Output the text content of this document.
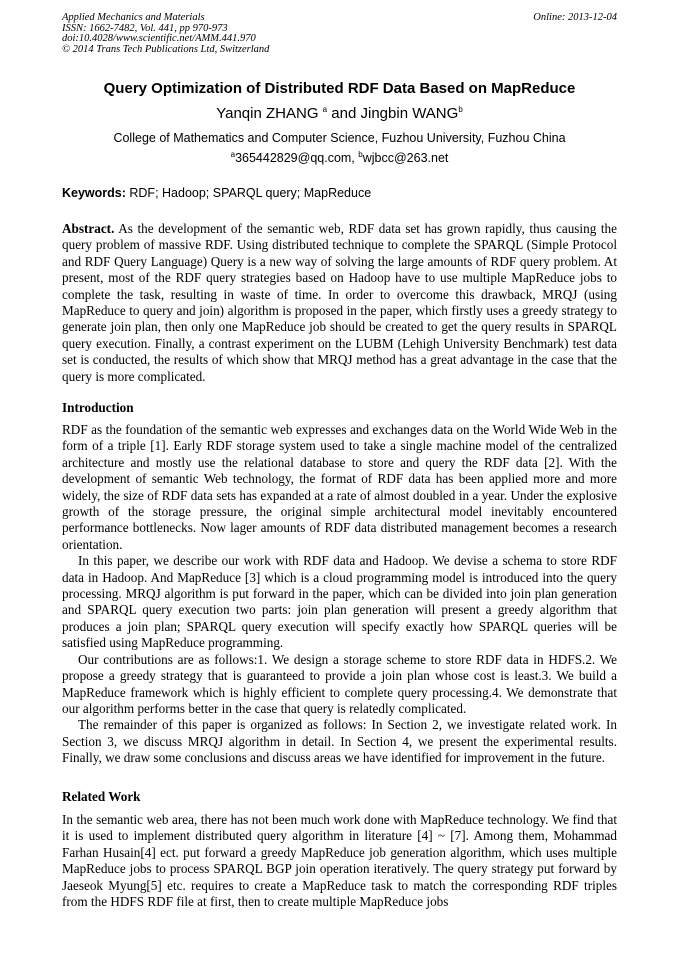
Applied Mechanics and Materials
ISSN: 1662-7482, Vol. 441, pp 970-973
doi:10.4028/www.scientific.net/AMM.441.970
© 2014 Trans Tech Publications Ltd, Switzerland
Online: 2013-12-04
Query Optimization of Distributed RDF Data Based on MapReduce
Yanqin ZHANG $^a$ and Jingbin WANG$^b$
College of Mathematics and Computer Science, Fuzhou University, Fuzhou China
$^a$365442829@qq.com, $^b$wjbcc@263.net
Keywords: RDF; Hadoop; SPARQL query; MapReduce

Abstract. As the development of the semantic web, RDF data set has grown rapidly, thus causing the query problem of massive RDF. Using distributed technique to complete the SPARQL (Simple Protocol and RDF Query Language) Query is a new way of solving the large amounts of RDF query problem. At present, most of the RDF query strategies based on Hadoop have to use multiple MapReduce jobs to complete the task, resulting in waste of time. In order to overcome this drawback, MRQJ (using MapReduce to query and join) algorithm is proposed in the paper, which firstly uses a greedy strategy to generate join plan, then only one MapReduce job should be created to get the query results in SPARQL query execution. Finally, a contrast experiment on the LUBM (Lehigh University Benchmark) test data set is conducted, the results of which show that MRQJ method has a great advantage in the case that the query is more complicated.

Introduction

RDF as the foundation of the semantic web expresses and exchanges data on the World Wide Web in the form of a triple [1]. Early RDF storage system used to take a single machine model of the centralized architecture and mostly use the relational database to store and query the RDF data [2]. With the development of semantic Web technology, the format of RDF data has been applied more and more widely, the size of RDF data sets has expanded at a rate of almost doubled in a year. Under the explosive growth of the storage pressure, the original simple architectural model inevitably encountered performance bottlenecks. Now lager amounts of RDF data distributed management becomes a research orientation.

In this paper, we describe our work with RDF data and Hadoop. We devise a schema to store RDF data in Hadoop. And MapReduce [3] which is a cloud programming model is introduced into the query processing. MRQJ algorithm is put forward in the paper, which can be divided into join plan generation and SPARQL query execution two parts: join plan generation will present a greedy algorithm that produces a join plan; SPARQL query execution will specify exactly how SPARQL queries will be satisfied using MapReduce programming.

Our contributions are as follows:1. We design a storage scheme to store RDF data in HDFS.2. We propose a greedy strategy that is guaranteed to provide a join plan whose cost is least.3. We build a MapReduce framework which is highly efficient to complete query processing.4. We demonstrate that our algorithm performs better in the case that query is relatedly complicated.

The remainder of this paper is organized as follows: In Section 2, we investigate related work. In Section 3, we discuss MRQJ algorithm in detail. In Section 4, we present the experimental results. Finally, we draw some conclusions and discuss areas we have identified for improvement in the future.

Related Work

In the semantic web area, there has not been much work done with MapReduce technology. We find that it is used to implement distributed query algorithm in literature [4] ~ [7]. Among them, Mohammad Farhan Husain[4] ect. put forward a greedy MapReduce job generation algorithm, which uses multiple MapReduce jobs to process SPARQL BGP join operation iteratively. The query strategy put forward by Jaeseok Myung[5] etc. requires to create a MapReduce task to match the corresponding RDF triples from the HDFS RDF file at first, then to create multiple MapReduce jobs
